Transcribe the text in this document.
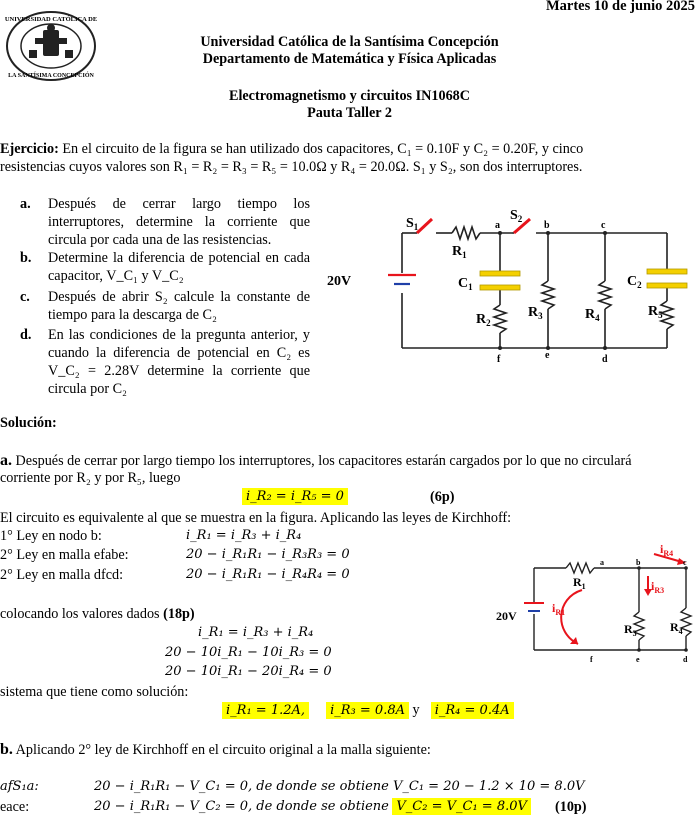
Martes 10 de junio 2025
UNIVERSIDAD CATÓLICA DE
LA SANTÍSIMA CONCEPCIÓN
Universidad Católica de la Santísima Concepción
Departamento de Matemática y Física Aplicadas
Electromagnetismo y circuitos IN1068C
Pauta Taller 2
Ejercicio: En el circuito de la figura se han utilizado dos capacitores, C₁ = 0.10F y C₂ = 0.20F, y cinco
resistencias cuyos valores son R₁ = R₂ = R₃ = R₅ = 10.0Ω y R₄ = 20.0Ω. S₁ y S₂, son dos interruptores.
a. Después de cerrar largo tiempo los interruptores, determine la corriente que circula por cada una de las resistencias.
b. Determine la diferencia de potencial en cada capacitor, V_C₁ y V_C₂
c. Después de abrir S₂ calcule la constante de tiempo para la descarga de C₂
d. En las condiciones de la pregunta anterior, y cuando la diferencia de potencial en C₂ es V_C₂ = 2.28V determine la corriente que circula por C₂
20V
$S_1$
$S_2$
$R_1$
$C_1$
$R_2$
$R_3$	$R_4$
$C_2$
$R_5$
a	b	c
d
e
f
Solución:
a. Después de cerrar por largo tiempo los interruptores, los capacitores estarán cargados por lo que no circulará
corriente por R₂ y por R₅, luego
i_R₂ = i_R₅ = 0	(6p)
El circuito es equivalente al que se muestra en la figura. Aplicando las leyes de Kirchhoff:
1° Ley en nodo b:	i_R₁ = i_R₃ + i_R₄
2° Ley en malla efabe:	20 − i_R₁R₁ − i_R₃R₃ = 0
2° Ley en malla dfcd:	20 − i_R₁R₁ − i_R₄R₄ = 0
colocando los valores dados (18p)
i_R₁ = i_R₃ + i_R₄
20 − 10i_R₁ − 10i_R₃ = 0
20 − 10i_R₁ − 20i_R₄ = 0
sistema que tiene como solución:
i_R₁ = 1.2A, i_R₃ = 0.8A y i_R₄ = 0.4A
20V
$R_1$
$R_3$	$R_4$
$i_{R1}$
$i_{R3}$
$i_{R4}$
a	b	c
d
e
f
b. Aplicando 2° ley de Kirchhoff en el circuito original a la malla siguiente:
afS₁a:	20 − i_R₁R₁ − V_C₁ = 0, de donde se obtiene V_C₁ = 20 − 1.2 × 10 = 8.0V
eace:	20 − i_R₁R₁ − V_C₂ = 0, de donde se obtiene V_C₂ = V_C₁ = 8.0V (10p)
